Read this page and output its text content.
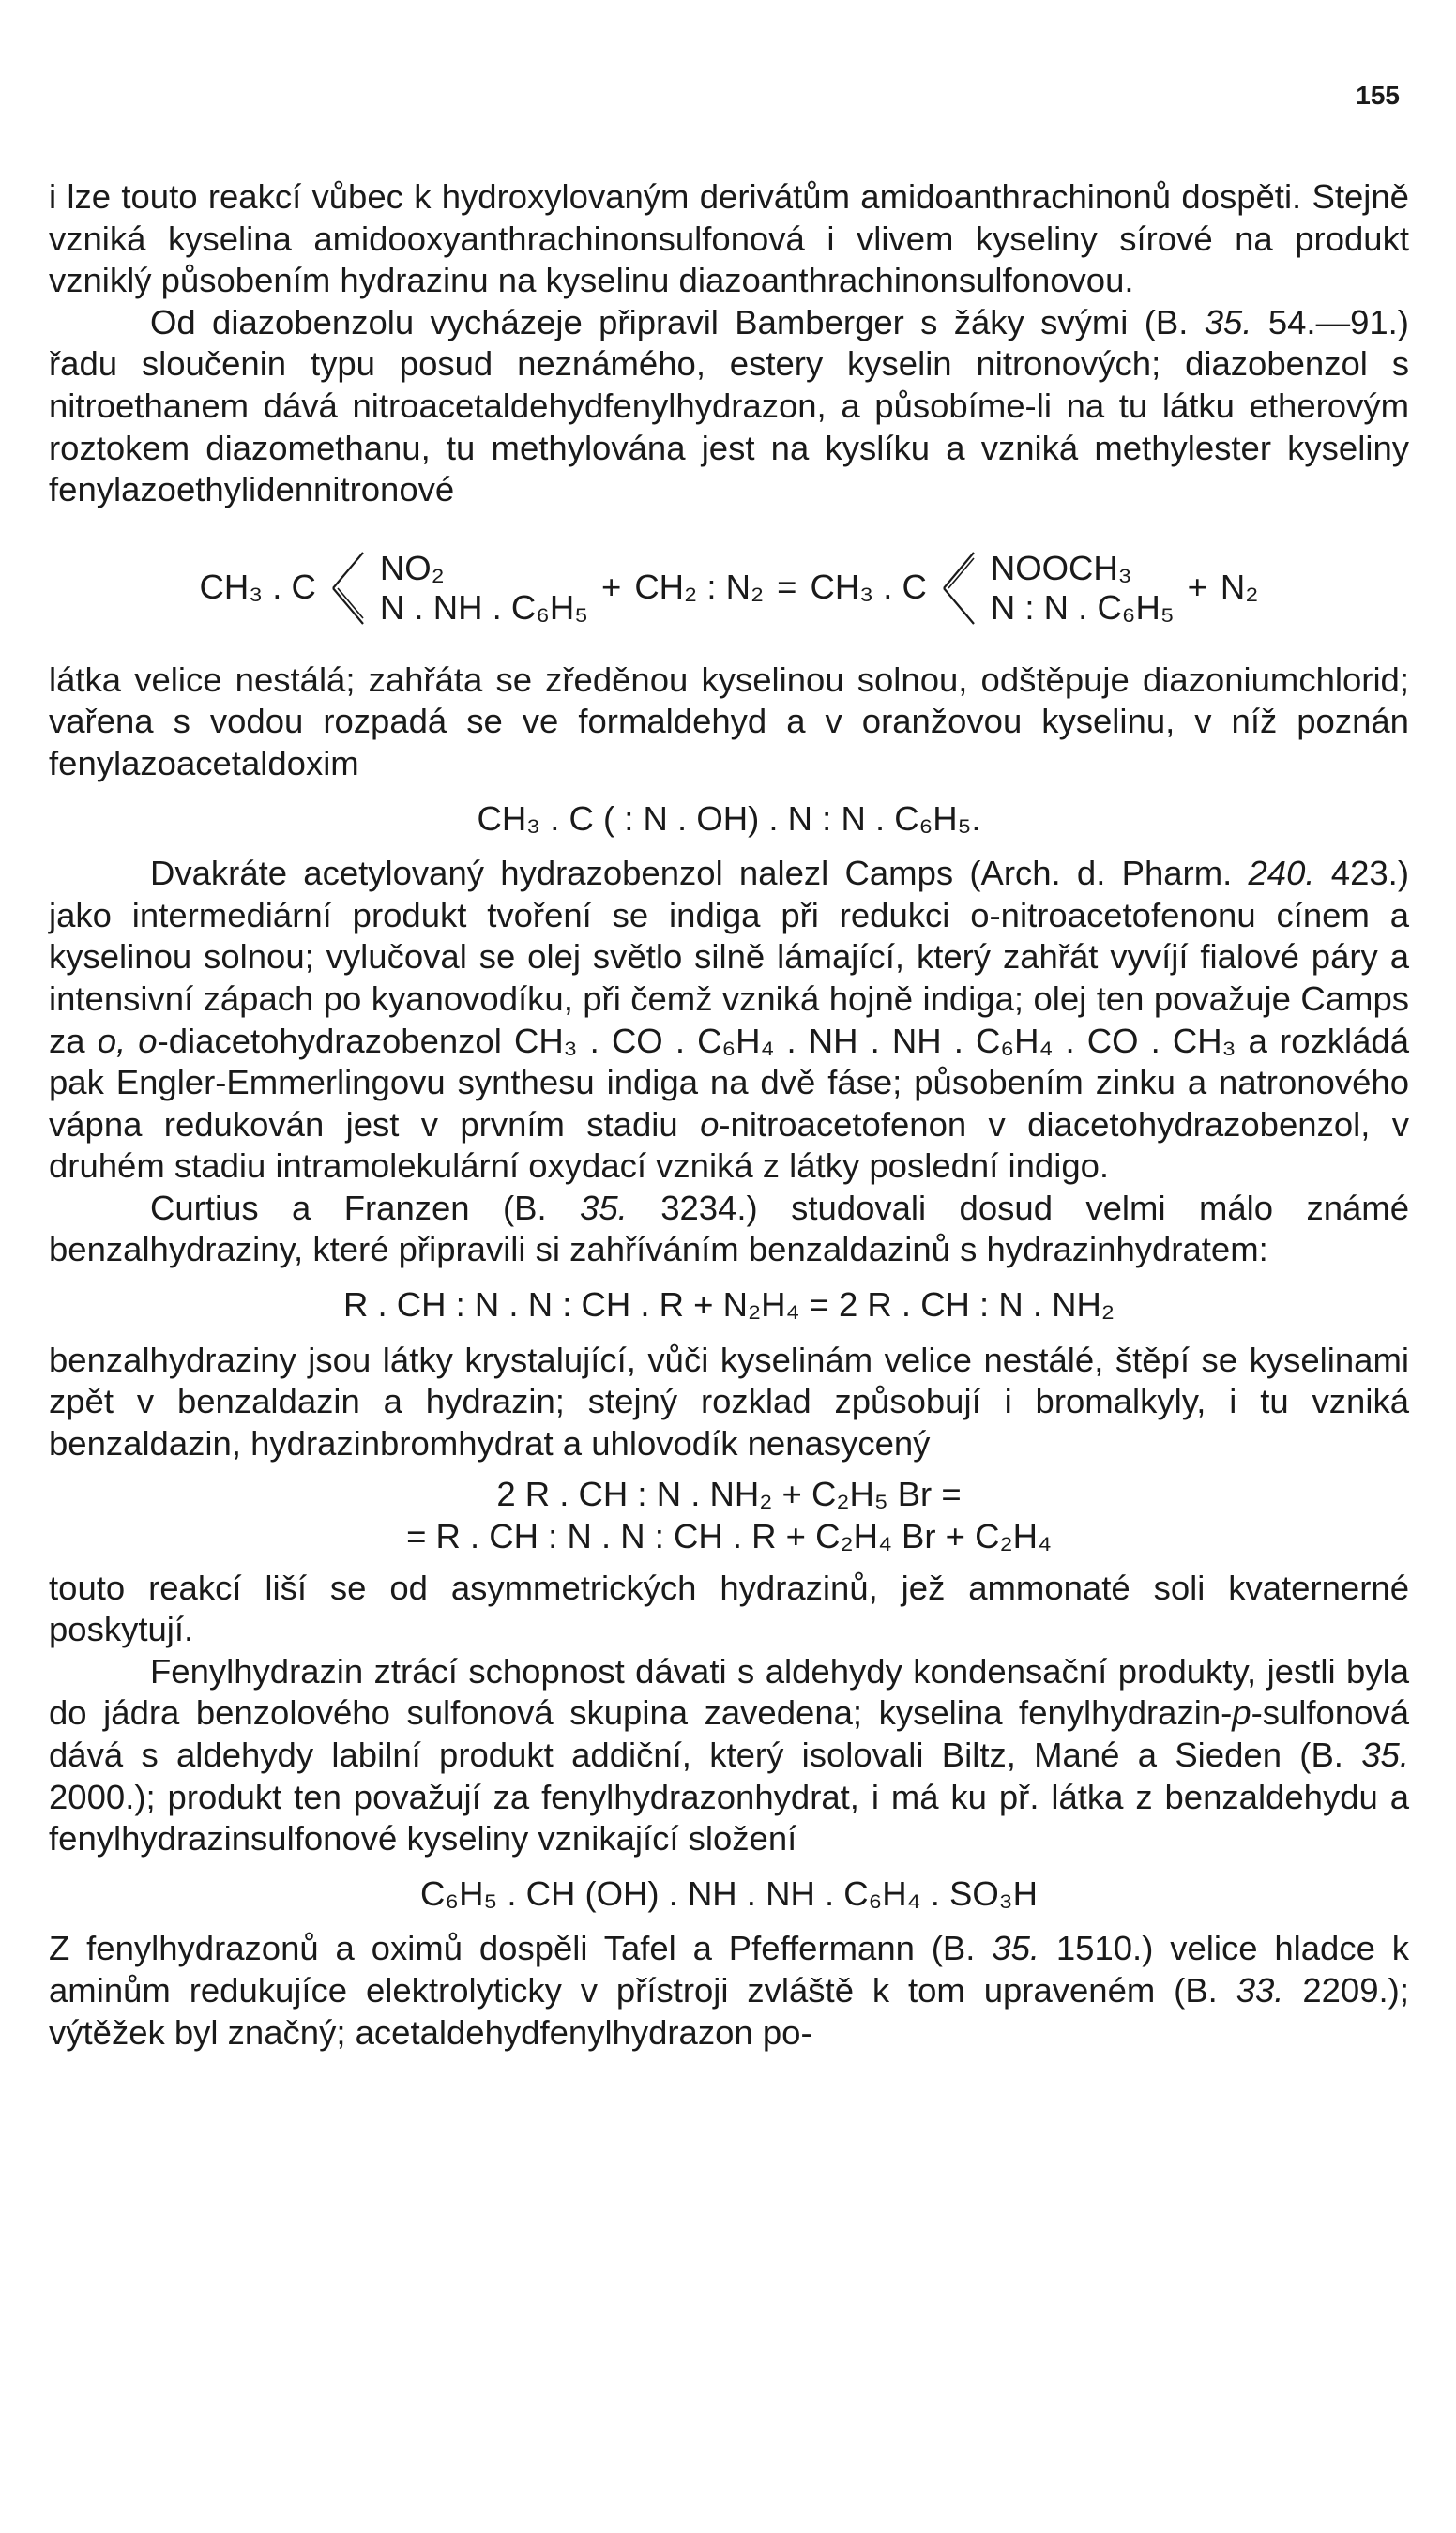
155

i lze touto reakcí vůbec k hydroxylovaným derivátům amidoanthrachinonů dospěti. Stejně vzniká kyselina amidooxyanthrachinonsulfonová i vlivem kyseliny sírové na produkt vzniklý působením hydrazinu na kyselinu diazoanthrachinonsulfonovou.

Od diazobenzolu vycházeje připravil Bamberger s žáky svými (B. 35. 54.—91.) řadu sloučenin typu posud neznámého, estery kyselin nitronových; diazobenzol s nitroethanem dává nitroacetaldehydfenylhydrazon, a působíme-li na tu látku etherovým roztokem diazomethanu, tu methylována jest na kyslíku a vzniká methylester kyseliny fenylazoethylidennitronové

CH₃ . C
NO₂
N . NH . C₆H₅
+ CH₂ : N₂ = CH₃ . C
NOOCH₃
N : N . C₆H₅
+ N₂

látka velice nestálá; zahřáta se zředěnou kyselinou solnou, odštěpuje diazoniumchlorid; vařena s vodou rozpadá se ve formaldehyd a v oranžovou kyselinu, v níž poznán fenylazoacetaldoxim

CH₃ . C ( : N . OH) . N : N . C₆H₅.

Dvakráte acetylovaný hydrazobenzol nalezl Camps (Arch. d. Pharm. 240. 423.) jako intermediární produkt tvoření se indiga při redukci o-nitroacetofenonu cínem a kyselinou solnou; vylučoval se olej světlo silně lámající, který zahřát vyvíjí fialové páry a intensivní zápach po kyanovodíku, při čemž vzniká hojně indiga; olej ten považuje Camps za o, o-diacetohydrazobenzol CH₃ . CO . C₆H₄ . NH . NH . C₆H₄ . CO . CH₃ a rozkládá pak Engler-Emmerlingovu synthesu indiga na dvě fáse; působením zinku a natronového vápna redukován jest v prvním stadiu o-nitroacetofenon v diacetohydrazobenzol, v druhém stadiu intramolekulární oxydací vzniká z látky poslední indigo.

Curtius a Franzen (B. 35. 3234.) studovali dosud velmi málo známé benzalhydraziny, které připravili si zahříváním benzaldazinů s hydrazinhydratem:

R . CH : N . N : CH . R + N₂H₄ = 2 R . CH : N . NH₂

benzalhydraziny jsou látky krystalující, vůči kyselinám velice nestálé, štěpí se kyselinami zpět v benzaldazin a hydrazin; stejný rozklad způsobují i bromalkyly, i tu vzniká benzaldazin, hydrazinbromhydrat a uhlovodík nenasycený

2 R . CH : N . NH₂ + C₂H₅ Br =
= R . CH : N . N : CH . R + C₂H₄ Br + C₂H₄

touto reakcí liší se od asymmetrických hydrazinů, jež ammonaté soli kvaternerné poskytují.

Fenylhydrazin ztrácí schopnost dávati s aldehydy kondensační produkty, jestli byla do jádra benzolového sulfonová skupina zavedena; kyselina fenylhydrazin-p-sulfonová dává s aldehydy labilní produkt addiční, který isolovali Biltz, Mané a Sieden (B. 35. 2000.); produkt ten považují za fenylhydrazonhydrat, i má ku př. látka z benzaldehydu a fenylhydrazinsulfonové kyseliny vznikající složení

C₆H₅ . CH (OH) . NH . NH . C₆H₄ . SO₃H

Z fenylhydrazonů a oximů dospěli Tafel a Pfeffermann (B. 35. 1510.) velice hladce k aminům redukujíce elektrolyticky v přístroji zvláště k tom upraveném (B. 33. 2209.); výtěžek byl značný; acetaldehydfenylhydrazon po-
